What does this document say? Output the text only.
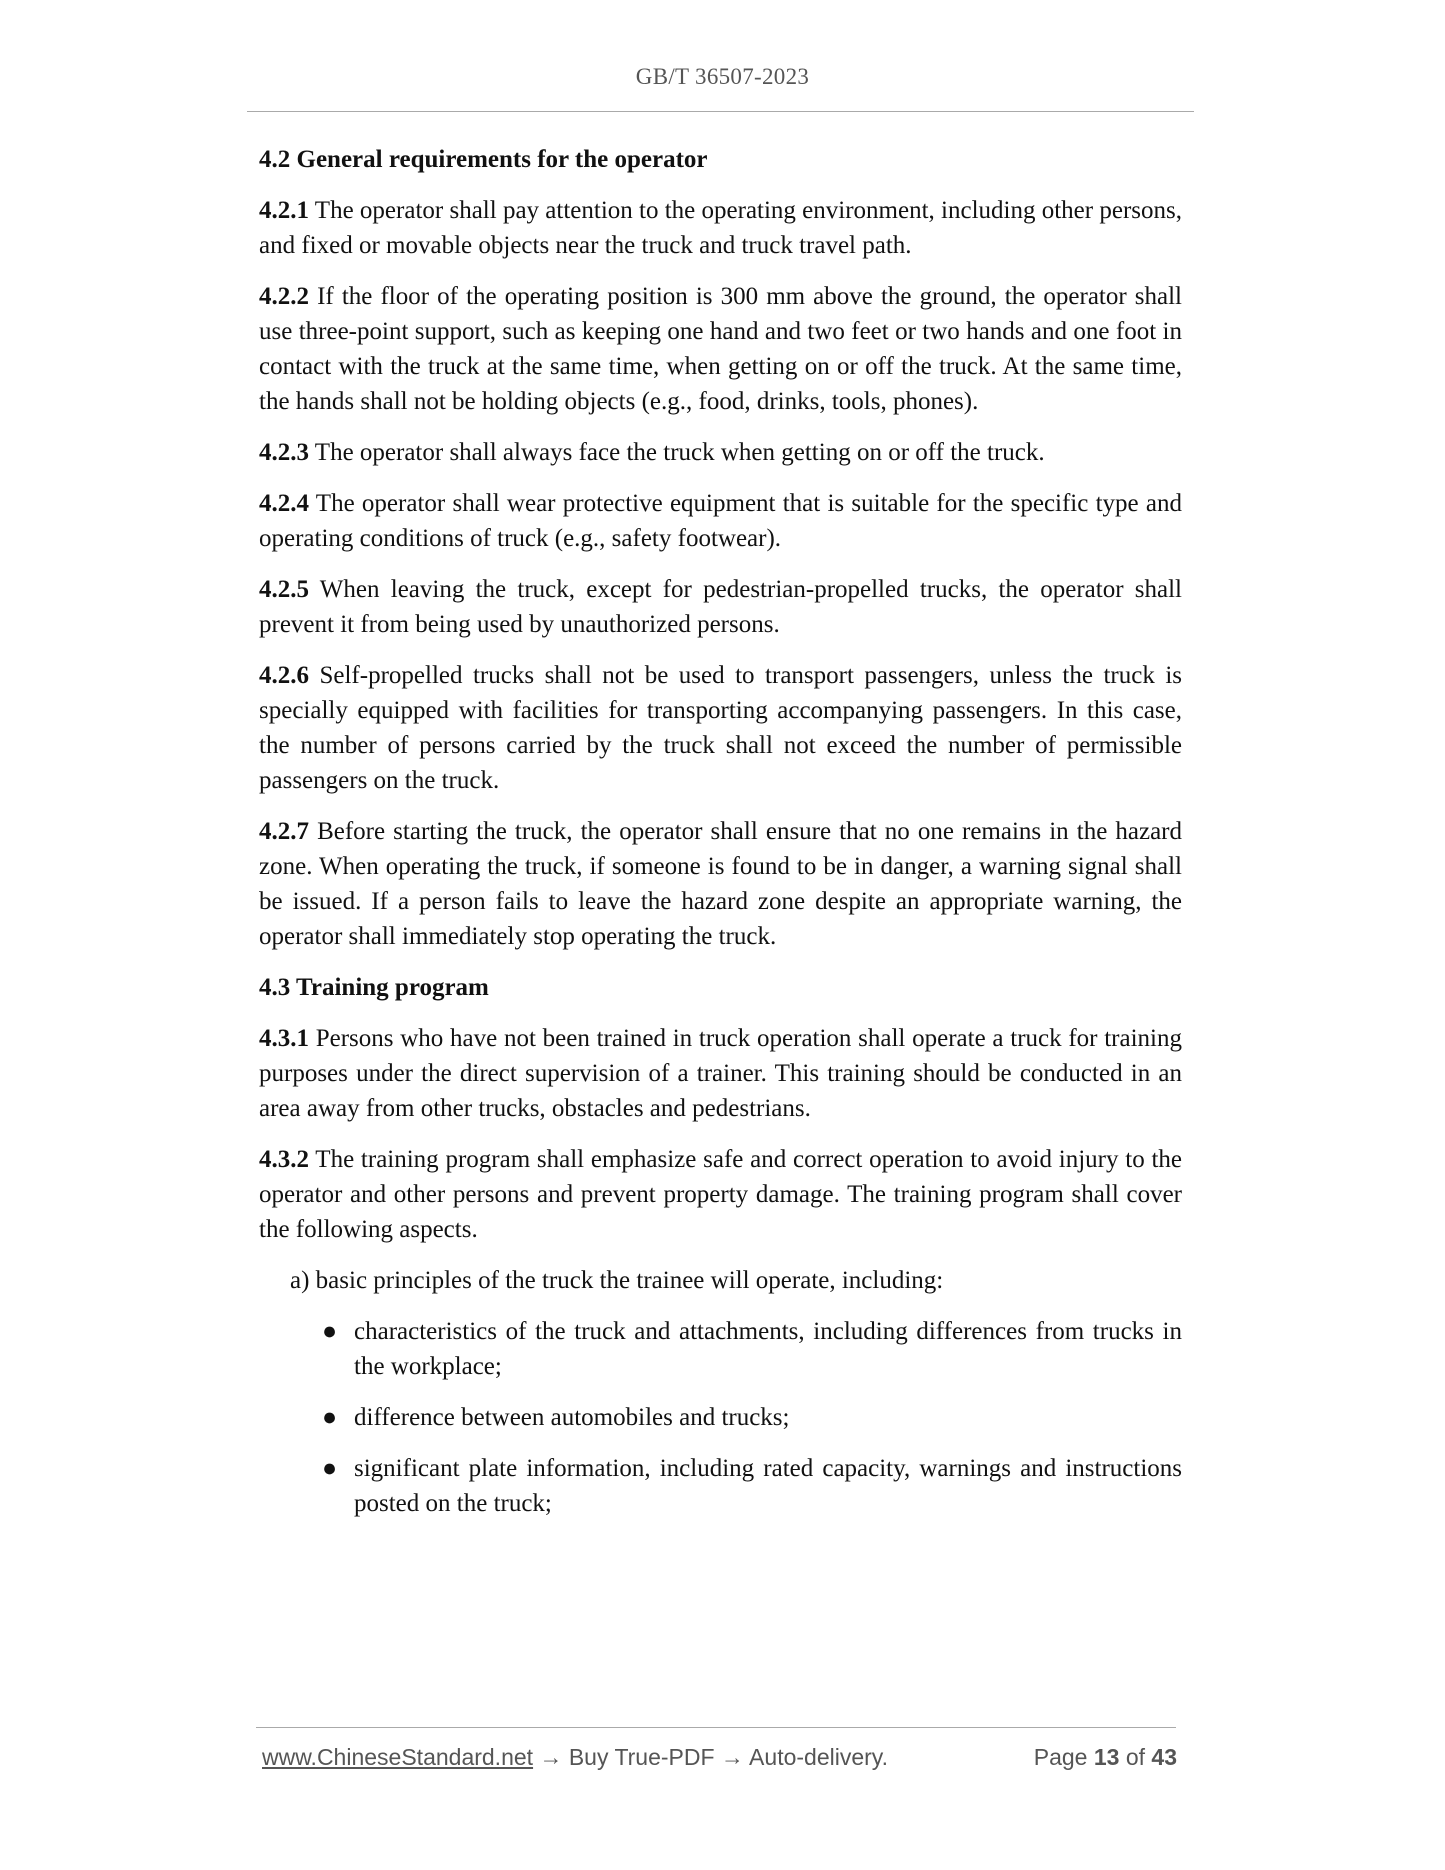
GB/T 36507-2023

4.2 General requirements for the operator

4.2.1 The operator shall pay attention to the operating environment, including other persons, and fixed or movable objects near the truck and truck travel path.

4.2.2 If the floor of the operating position is 300 mm above the ground, the operator shall use three-point support, such as keeping one hand and two feet or two hands and one foot in contact with the truck at the same time, when getting on or off the truck. At the same time, the hands shall not be holding objects (e.g., food, drinks, tools, phones).

4.2.3 The operator shall always face the truck when getting on or off the truck.

4.2.4 The operator shall wear protective equipment that is suitable for the specific type and operating conditions of truck (e.g., safety footwear).

4.2.5 When leaving the truck, except for pedestrian-propelled trucks, the operator shall prevent it from being used by unauthorized persons.

4.2.6 Self-propelled trucks shall not be used to transport passengers, unless the truck is specially equipped with facilities for transporting accompanying passengers. In this case, the number of persons carried by the truck shall not exceed the number of permissible passengers on the truck.

4.2.7 Before starting the truck, the operator shall ensure that no one remains in the hazard zone. When operating the truck, if someone is found to be in danger, a warning signal shall be issued. If a person fails to leave the hazard zone despite an appropriate warning, the operator shall immediately stop operating the truck.

4.3 Training program

4.3.1 Persons who have not been trained in truck operation shall operate a truck for training purposes under the direct supervision of a trainer. This training should be conducted in an area away from other trucks, obstacles and pedestrians.

4.3.2 The training program shall emphasize safe and correct operation to avoid injury to the operator and other persons and prevent property damage. The training program shall cover the following aspects.

a) basic principles of the truck the trainee will operate, including:

● characteristics of the truck and attachments, including differences from trucks in the workplace;

● difference between automobiles and trucks;

● significant plate information, including rated capacity, warnings and instructions posted on the truck;

www.ChineseStandard.net → Buy True-PDF → Auto-delivery.	Page 13 of 43
